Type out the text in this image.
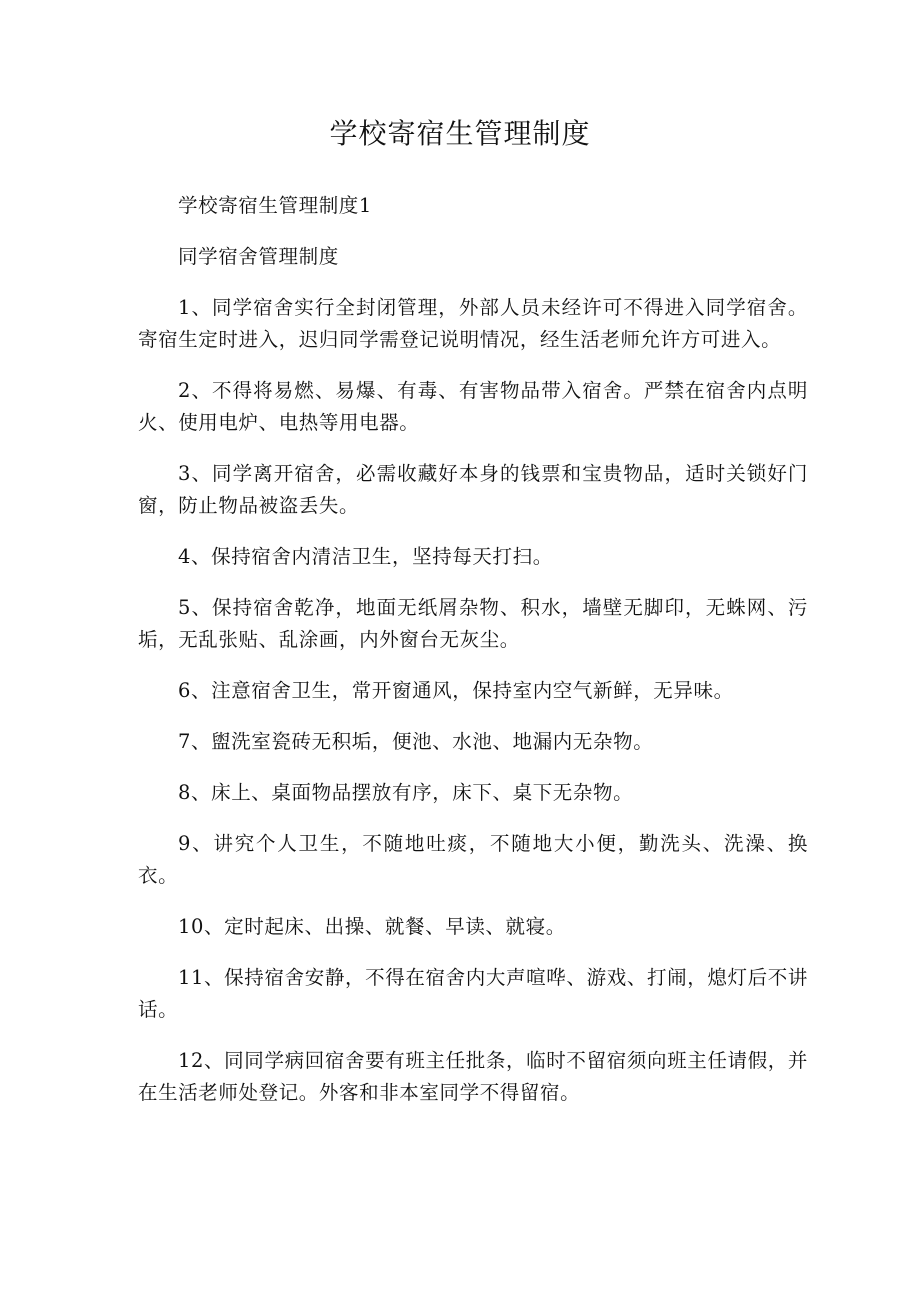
学校寄宿生管理制度

学校寄宿生管理制度1

同学宿舍管理制度

1、同学宿舍实行全封闭管理，外部人员未经许可不得进入同学宿舍。寄宿生定时进入，迟归同学需登记说明情况，经生活老师允许方可进入。

2、不得将易燃、易爆、有毒、有害物品带入宿舍。严禁在宿舍内点明火、使用电炉、电热等用电器。

3、同学离开宿舍，必需收藏好本身的钱票和宝贵物品，适时关锁好门窗，防止物品被盗丢失。

4、保持宿舍内清洁卫生，坚持每天打扫。

5、保持宿舍乾净，地面无纸屑杂物、积水，墙壁无脚印，无蛛网、污垢，无乱张贴、乱涂画，内外窗台无灰尘。

6、注意宿舍卫生，常开窗通风，保持室内空气新鲜，无异味。

7、盥洗室瓷砖无积垢，便池、水池、地漏内无杂物。

8、床上、桌面物品摆放有序，床下、桌下无杂物。

9、讲究个人卫生，不随地吐痰，不随地大小便，勤洗头、洗澡、换衣。

10、定时起床、出操、就餐、早读、就寝。

11、保持宿舍安静，不得在宿舍内大声喧哗、游戏、打闹，熄灯后不讲话。

12、同同学病回宿舍要有班主任批条，临时不留宿须向班主任请假，并在生活老师处登记。外客和非本室同学不得留宿。
